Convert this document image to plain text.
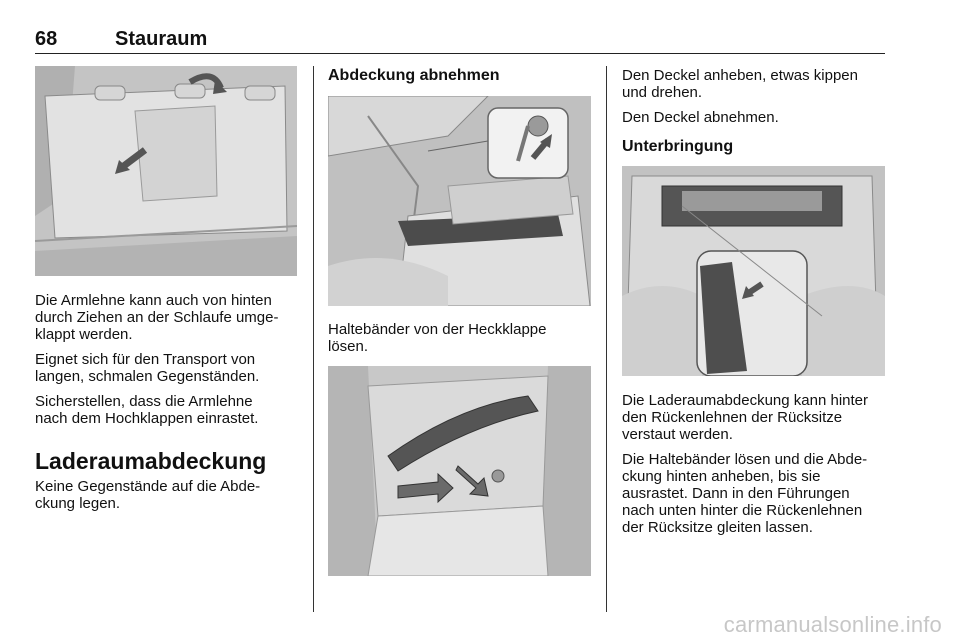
68	Stauraum
Die Armlehne kann auch von hinten
durch Ziehen an der Schlaufe umge-
klappt werden.
Eignet sich für den Transport von
langen, schmalen Gegenständen.
Sicherstellen, dass die Armlehne
nach dem Hochklappen einrastet.
Laderaumabdeckung
Keine Gegenstände auf die Abde-
ckung legen.
Abdeckung abnehmen
Haltebänder von der Heckklappe
lösen.
Den Deckel anheben, etwas kippen
und drehen.
Den Deckel abnehmen.
Unterbringung
Die Laderaumabdeckung kann hinter
den Rückenlehnen der Rücksitze
verstaut werden.
Die Haltebänder lösen und die Abde-
ckung hinten anheben, bis sie
ausrastet. Dann in den Führungen
nach unten hinter die Rückenlehnen
der Rücksitze gleiten lassen.
carmanualsonline.info
